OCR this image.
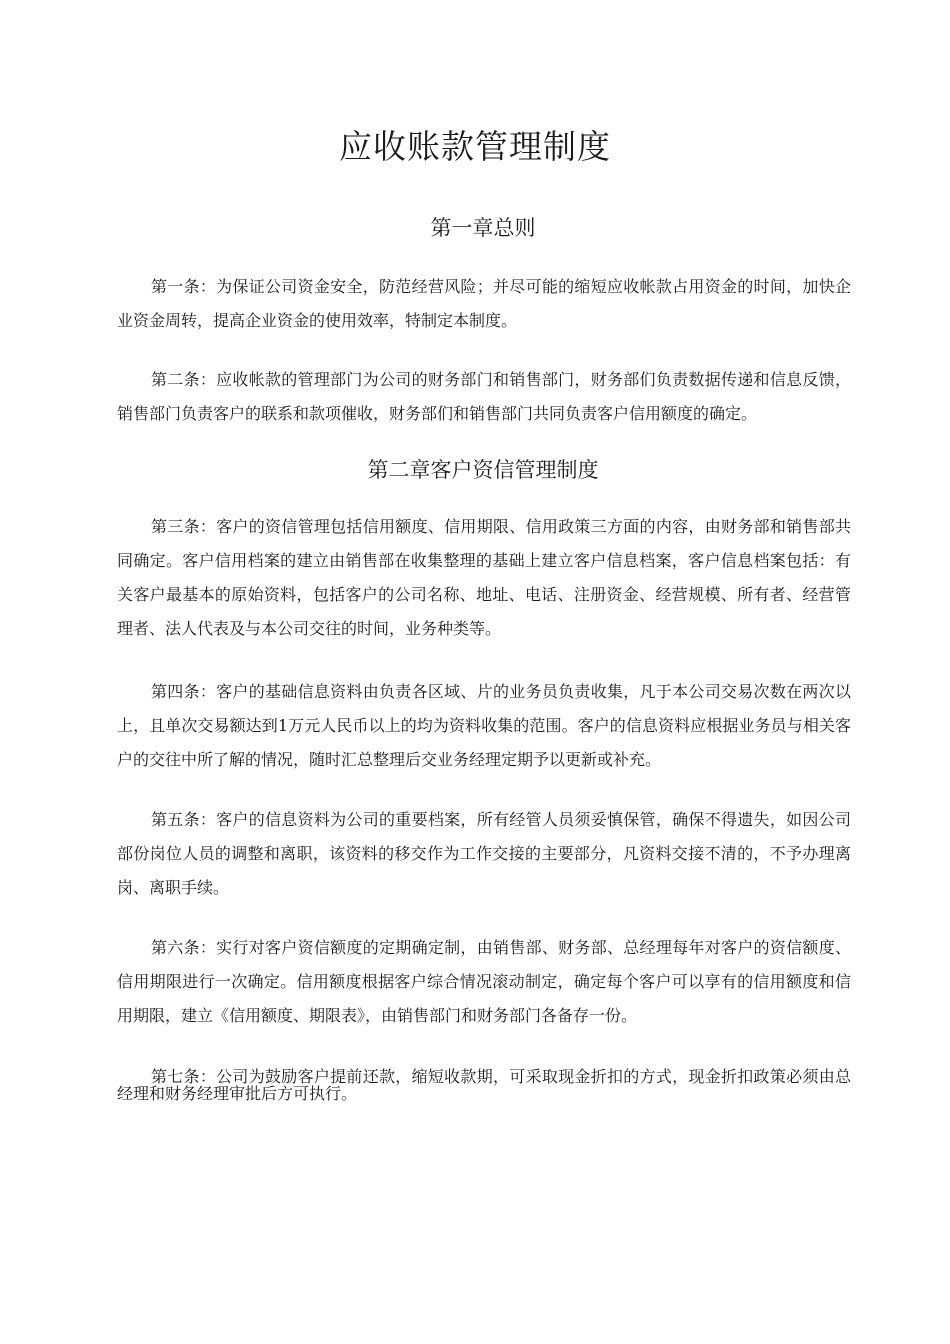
应收账款管理制度
第一章总则

第一条：为保证公司资金安全，防范经营风险；并尽可能的缩短应收帐款占用资金的时间，加快企业资金周转，提高企业资金的使用效率，特制定本制度。

第二条：应收帐款的管理部门为公司的财务部门和销售部门，财务部们负责数据传递和信息反馈，销售部门负责客户的联系和款项催收，财务部们和销售部门共同负责客户信用额度的确定。

第二章客户资信管理制度

第三条：客户的资信管理包括信用额度、信用期限、信用政策三方面的内容，由财务部和销售部共同确定。客户信用档案的建立由销售部在收集整理的基础上建立客户信息档案，客户信息档案包括：有关客户最基本的原始资料，包括客户的公司名称、地址、电话、注册资金、经营规模、所有者、经营管理者、法人代表及与本公司交往的时间，业务种类等。

第四条：客户的基础信息资料由负责各区域、片的业务员负责收集，凡于本公司交易次数在两次以上，且单次交易额达到1万元人民币以上的均为资料收集的范围。客户的信息资料应根据业务员与相关客户的交往中所了解的情况，随时汇总整理后交业务经理定期予以更新或补充。

第五条：客户的信息资料为公司的重要档案，所有经管人员须妥慎保管，确保不得遗失，如因公司部份岗位人员的调整和离职，该资料的移交作为工作交接的主要部分，凡资料交接不清的，不予办理离岗、离职手续。

第六条：实行对客户资信额度的定期确定制，由销售部、财务部、总经理每年对客户的资信额度、信用期限进行一次确定。信用额度根据客户综合情况滚动制定，确定每个客户可以享有的信用额度和信用期限，建立《信用额度、期限表》，由销售部门和财务部门各备存一份。

第七条：公司为鼓励客户提前还款，缩短收款期，可采取现金折扣的方式，现金折扣政策必须由总经理和财务经理审批后方可执行。
